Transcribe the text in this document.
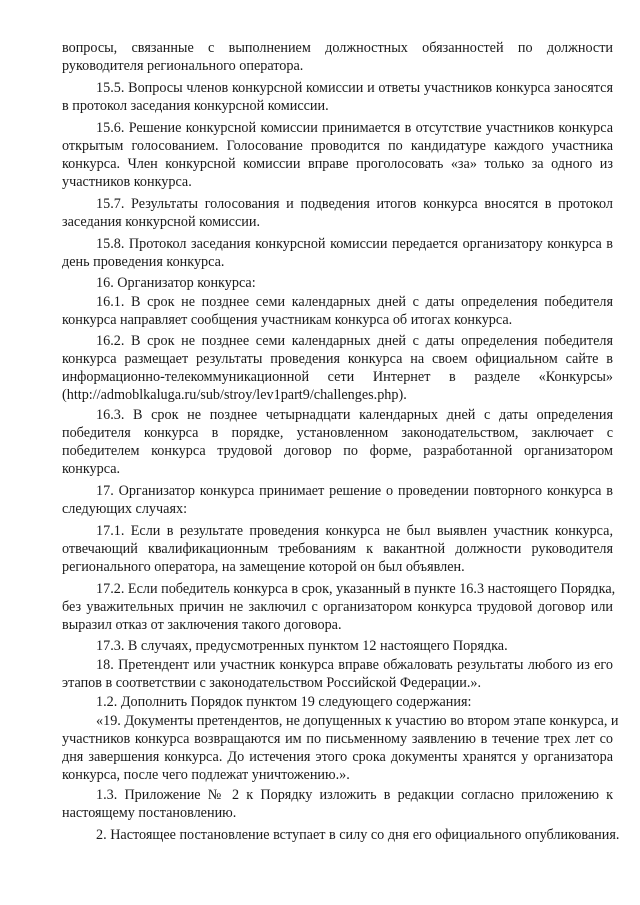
вопросы, связанные с выполнением должностных обязанностей по должности
руководителя регионального оператора.
15.5. Вопросы членов конкурсной комиссии и ответы участников конкурса заносятся
в протокол заседания конкурсной комиссии.
15.6. Решение конкурсной комиссии принимается в отсутствие участников конкурса
открытым голосованием. Голосование проводится по кандидатуре каждого участника
конкурса. Член конкурсной комиссии вправе проголосовать «за» только за одного из
участников конкурса.
15.7. Результаты голосования и подведения итогов конкурса вносятся в протокол
заседания конкурсной комиссии.
15.8. Протокол заседания конкурсной комиссии передается организатору конкурса в
день проведения конкурса.
16. Организатор конкурса:
16.1. В срок не позднее семи календарных дней с даты определения победителя
конкурса направляет сообщения участникам конкурса об итогах конкурса.
16.2. В срок не позднее семи календарных дней с даты определения победителя
конкурса размещает результаты проведения конкурса на своем официальном сайте в
информационно-телекоммуникационной сети Интернет в разделе «Конкурсы»
(http://admoblkaluga.ru/sub/stroy/lev1part9/challenges.php).
16.3. В срок не позднее четырнадцати календарных дней с даты определения
победителя конкурса в порядке, установленном законодательством, заключает с
победителем конкурса трудовой договор по форме, разработанной организатором
конкурса.
17. Организатор конкурса принимает решение о проведении повторного конкурса в
следующих случаях:
17.1. Если в результате проведения конкурса не был выявлен участник конкурса,
отвечающий квалификационным требованиям к вакантной должности руководителя
регионального оператора, на замещение которой он был объявлен.
17.2. Если победитель конкурса в срок, указанный в пункте 16.3 настоящего Порядка,
без уважительных причин не заключил с организатором конкурса трудовой договор или
выразил отказ от заключения такого договора.
17.3. В случаях, предусмотренных пунктом 12 настоящего Порядка.
18. Претендент или участник конкурса вправе обжаловать результаты любого из его
этапов в соответствии с законодательством Российской Федерации.».
1.2. Дополнить Порядок пунктом 19 следующего содержания:
«19. Документы претендентов, не допущенных к участию во втором этапе конкурса, и
участников конкурса возвращаются им по письменному заявлению в течение трех лет со
дня завершения конкурса. До истечения этого срока документы хранятся у организатора
конкурса, после чего подлежат уничтожению.».
1.3. Приложение № 2 к Порядку изложить в редакции согласно приложению к
настоящему постановлению.
2. Настоящее постановление вступает в силу со дня его официального опубликования.
